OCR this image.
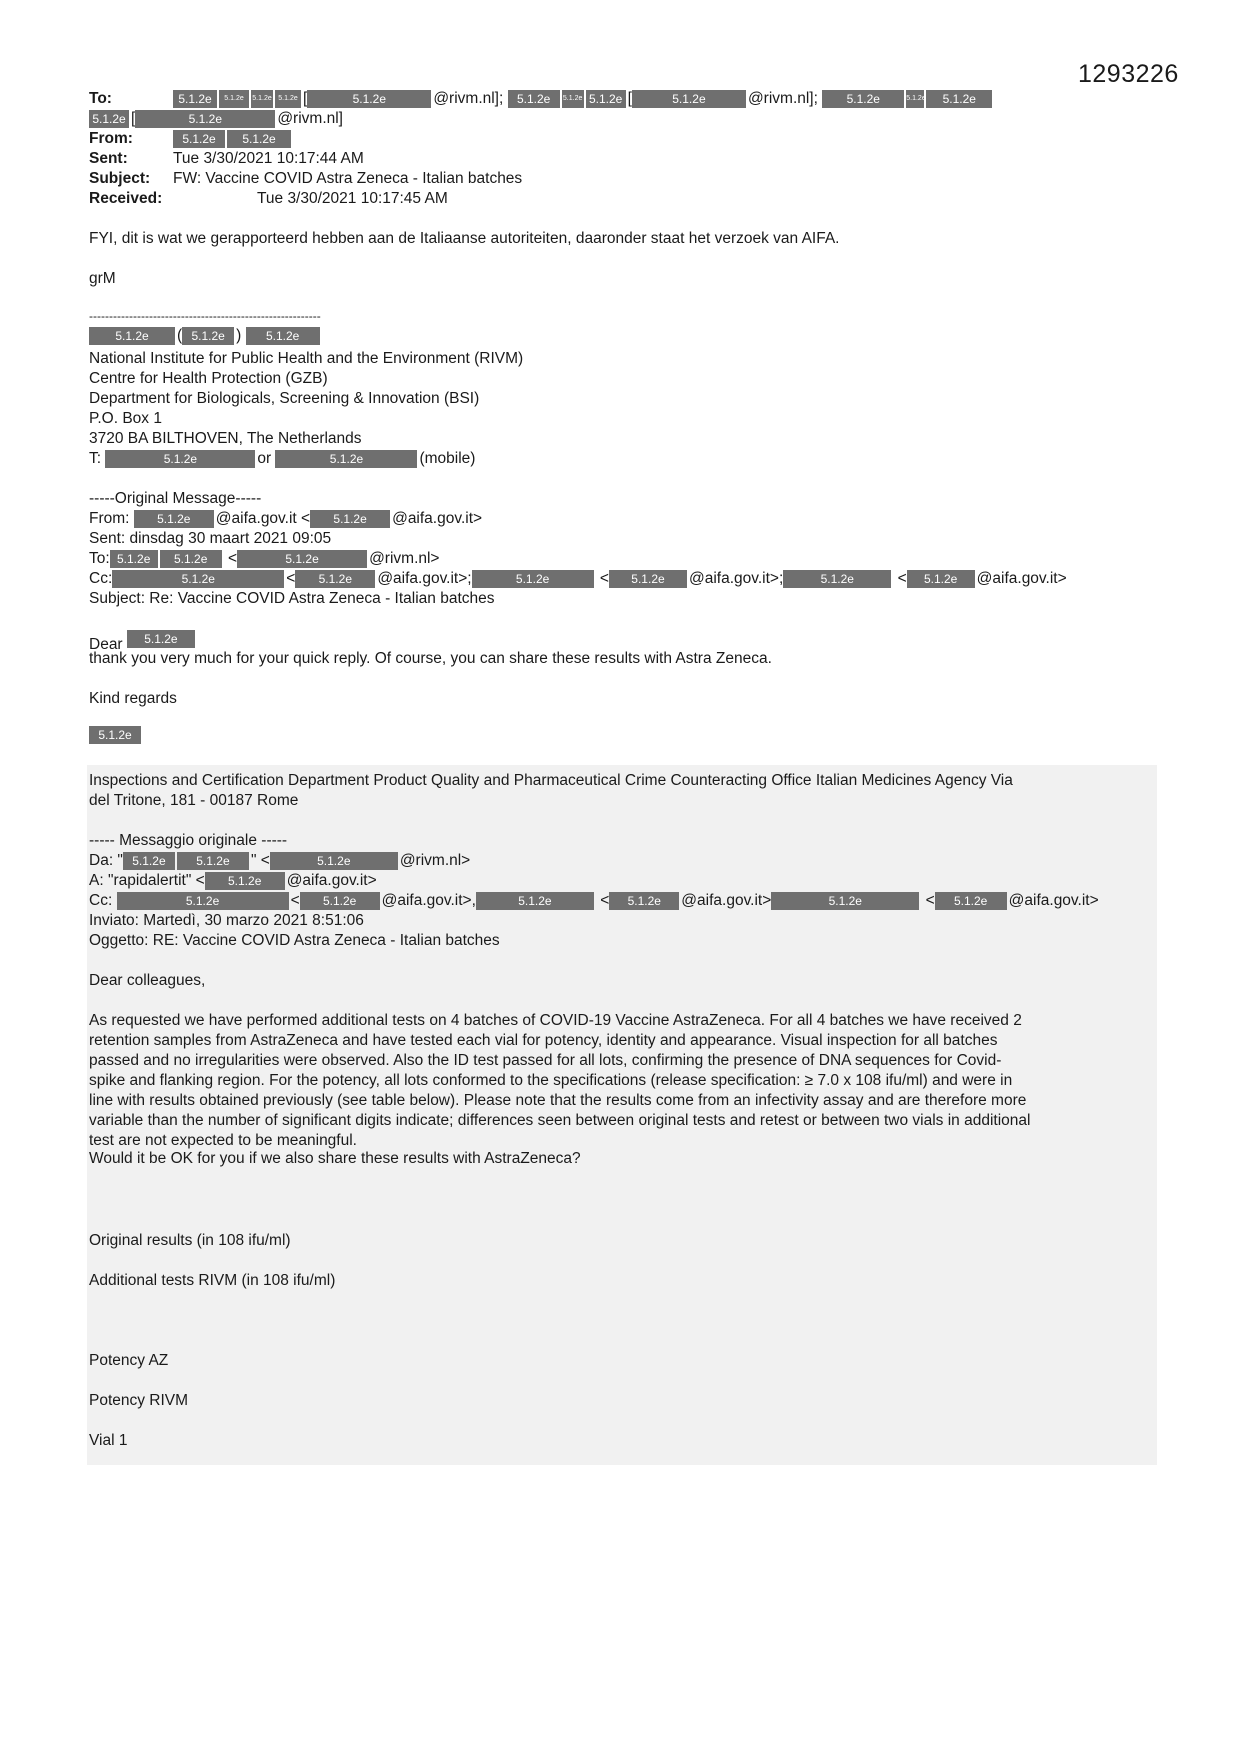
1293226
To:	5.1.2e 5.1.2e 5.1.2e 5.1.2e [	5.1.2e	@rivm.nl]; 5.1.2e 5.1.2e 5.1.2e [	5.1.2e	@rivm.nl]; 5.1.2e	5.1.2e 5.1.2e
5.1.2e [	5.1.2e	@rivm.nl]
From:	5.1.2e 5.1.2e
Sent:	Tue 3/30/2021 10:17:44 AM
Subject: FW: Vaccine COVID Astra Zeneca - Italian batches
Received:	Tue 3/30/2021 10:17:45 AM
FYI, dit is wat we gerapporteerd hebben aan de Italiaanse autoriteiten, daaronder staat het verzoek van AIFA.
grM
----------------------------------------------------------
5.1.2e ( 5.1.2e ) 5.1.2e
National Institute for Public Health and the Environment (RIVM)
Centre for Health Protection (GZB)
Department for Biologicals, Screening & Innovation (BSI)
P.O. Box 1
3720 BA BILTHOVEN, The Netherlands
T:	5.1.2e	or	5.1.2e	(mobile)
-----Original Message-----
From: 5.1.2e @aifa.gov.it < 5.1.2e @aifa.gov.it>
Sent: dinsdag 30 maart 2021 09:05
To: 5.1.2e 5.1.2e <	5.1.2e	@rivm.nl>
Cc:	5.1.2e	< 5.1.2e @aifa.gov.it>;	5.1.2e	< 5.1.2e @aifa.gov.it>;	5.1.2e	< 5.1.2e @aifa.gov.it>
Subject: Re: Vaccine COVID Astra Zeneca - Italian batches
Dear 5.1.2e
thank you very much for your quick reply. Of course, you can share these results with Astra Zeneca.
Kind regards
5.1.2e
Inspections and Certification Department Product Quality and Pharmaceutical Crime Counteracting Office Italian Medicines Agency Via
del Tritone, 181 - 00187 Rome
----- Messaggio originale -----
Da: " 5.1.2e	5.1.2e " <	5.1.2e	@rivm.nl>
A: "rapidalertit" < 5.1.2e @aifa.gov.it>
Cc:	5.1.2e	< 5.1.2e @aifa.gov.it>,	5.1.2e	< 5.1.2e @aifa.gov.it>	5.1.2e	< 5.1.2e @aifa.gov.it>
Inviato: Martedì, 30 marzo 2021 8:51:06
Oggetto: RE: Vaccine COVID Astra Zeneca - Italian batches
Dear colleagues,
As requested we have performed additional tests on 4 batches of COVID-19 Vaccine AstraZeneca. For all 4 batches we have received 2
retention samples from AstraZeneca and have tested each vial for potency, identity and appearance. Visual inspection for all batches
passed and no irregularities were observed. Also the ID test passed for all lots, confirming the presence of DNA sequences for Covid-
spike and flanking region. For the potency, all lots conformed to the specifications (release specification: ≥ 7.0 x 108 ifu/ml) and were in
line with results obtained previously (see table below). Please note that the results come from an infectivity assay and are therefore more
variable than the number of significant digits indicate; differences seen between original tests and retest or between two vials in additional
test are not expected to be meaningful.
Would it be OK for you if we also share these results with AstraZeneca?
Original results (in 108 ifu/ml)
Additional tests RIVM (in 108 ifu/ml)
Potency AZ
Potency RIVM
Vial 1
